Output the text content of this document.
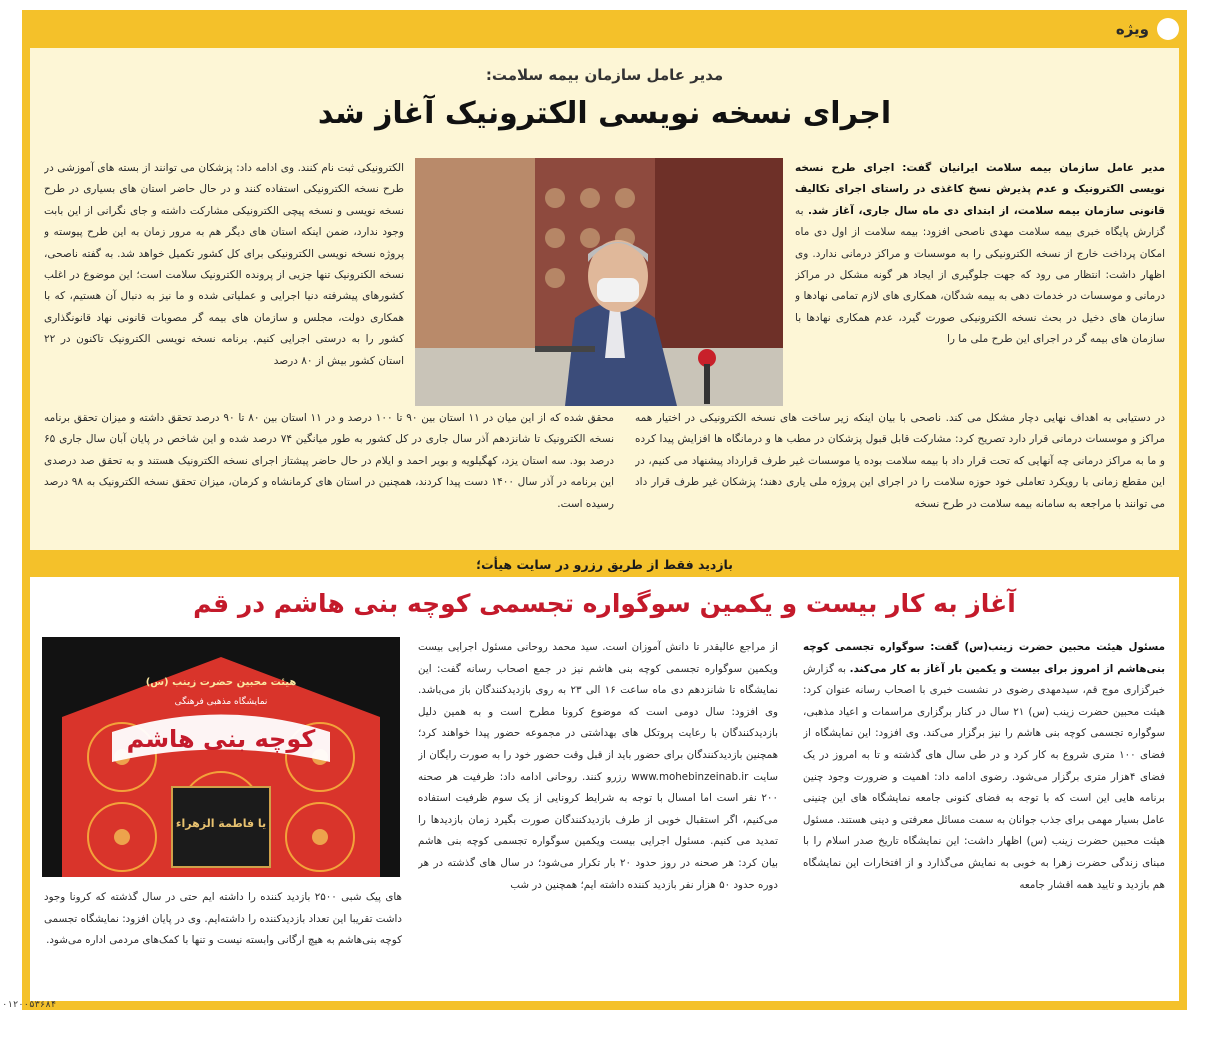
ویژه
مدیر عامل سازمان بیمه سلامت:
اجرای نسخه نویسی الکترونیک آغاز شد
مدیر عامل سازمان بیمه سلامت ایرانیان گفت: اجرای طرح نسخه نویسی الکترونیک و عدم پذیرش نسخ کاغذی در راستای اجرای تکالیف قانونی سازمان بیمه سلامت، از ابتدای دی ماه سال جاری، آغاز شد. به گزارش پایگاه خبری بیمه سلامت مهدی ناصحی افزود: بیمه سلامت از اول دی ماه امکان پرداخت خارج از نسخه الکترونیکی را به موسسات و مراکز درمانی ندارد. وی اظهار داشت: انتظار می رود که جهت جلوگیری از ایجاد هر گونه مشکل در مراکز درمانی و موسسات در خدمات دهی به بیمه شدگان، همکاری های لازم تمامی نهادها و سازمان های دخیل در بحث نسخه الکترونیکی صورت گیرد، عدم همکاری نهادها با سازمان های بیمه گر در اجرای این طرح ملی ما را
الکترونیکی ثبت نام کنند. وی ادامه داد: پزشکان می توانند از بسته های آموزشی در طرح نسخه الکترونیکی استفاده کنند و در حال حاضر استان های بسیاری در طرح نسخه نویسی و نسخه پیچی الکترونیکی مشارکت داشته و جای نگرانی از این بابت وجود ندارد، ضمن اینکه استان های دیگر هم به مرور زمان به این طرح پیوسته و پروژه نسخه نویسی الکترونیکی برای کل کشور تکمیل خواهد شد. به گفته ناصحی، نسخه الکترونیک تنها جزیی از پرونده الکترونیک سلامت است؛ این موضوع در اغلب کشورهای پیشرفته دنیا اجرایی و عملیاتی شده و ما نیز به دنبال آن هستیم، که با همکاری دولت، مجلس و سازمان های بیمه گر مصوبات قانونی نهاد قانونگذاری کشور را به درستی اجرایی کنیم. برنامه نسخه نویسی الکترونیک تاکنون در ۲۲ استان کشور بیش از ۸۰ درصد
در دستیابی به اهداف نهایی دچار مشکل می کند. ناصحی با بیان اینکه زیر ساخت های نسخه الکترونیکی در اختیار همه مراکز و موسسات درمانی قرار دارد تصریح کرد: مشارکت قابل قبول پزشکان در مطب ها و درمانگاه ها افزایش پیدا کرده و ما به مراکز درمانی چه آنهایی که تحت قرار داد با بیمه سلامت بوده یا موسسات غیر طرف قرارداد پیشنهاد می کنیم، در این مقطع زمانی با رویکرد تعاملی خود حوزه سلامت را در اجرای این پروژه ملی یاری دهند؛ پزشکان غیر طرف قرار داد می توانند با مراجعه به سامانه بیمه سلامت در طرح نسخه
محقق شده که از این میان در ۱۱ استان بین ۹۰ تا ۱۰۰ درصد و در ۱۱ استان بین ۸۰ تا ۹۰ درصد تحقق داشته و میزان تحقق برنامه نسخه الکترونیک تا شانزدهم آذر سال جاری در کل کشور به طور میانگین ۷۴ درصد شده و این شاخص در پایان آبان سال جاری ۶۵ درصد بود. سه استان یزد، کهگیلویه و بویر احمد و ایلام در حال حاضر پیشتاز اجرای نسخه الکترونیک هستند و به تحقق صد درصدی این برنامه در آذر سال ۱۴۰۰ دست پیدا کردند، همچنین در استان های کرمانشاه و کرمان، میزان تحقق نسخه الکترونیک به ۹۸ درصد رسیده است.
بازدید فقط از طریق رزرو در سایت هیأت؛
آغاز به کار بیست و یکمین سوگواره تجسمی کوچه بنی هاشم در قم
مسئول هیئت محبین حضرت زینب(س) گفت: سوگواره تجسمی کوچه بنی‌هاشم از امروز برای بیست و یکمین بار آغاز به کار می‌کند. به گزارش خبرگزاری موج قم، سیدمهدی رضوی در نشست خبری با اصحاب رسانه عنوان کرد: هیئت محبین حضرت زینب (س) ۲۱ سال در کنار برگزاری مراسمات و اعیاد مذهبی، سوگواره تجسمی کوچه بنی هاشم را نیز برگزار می‌کند. وی افزود: این نمایشگاه از فضای ۱۰۰ متری شروع به کار کرد و در طی سال های گذشته و تا به امروز در یک فضای ۴هزار متری برگزار می‌شود. رضوی ادامه داد: اهمیت و ضرورت وجود چنین برنامه هایی این است که با توجه به فضای کنونی جامعه نمایشگاه های این چنینی عامل بسیار مهمی برای جذب جوانان به سمت مسائل معرفتی و دینی هستند. مسئول هیئت محبین حضرت زینب (س) اظهار داشت: این نمایشگاه تاریخ صدر اسلام را با مبنای زندگی حضرت زهرا به خوبی به نمایش می‌گذارد و از افتخارات این نمایشگاه هم بازدید و تایید همه اقشار جامعه
از مراجع عالیقدر تا دانش آموزان است. سید محمد روحانی مسئول اجرایی بیست ویکمین سوگواره تجسمی کوچه بنی هاشم نیز در جمع اصحاب رسانه گفت: این نمایشگاه تا شانزدهم دی ماه ساعت ۱۶ الی ۲۳ به روی بازدیدکنندگان باز می‌باشد. وی افزود: سال دومی است که موضوع کرونا مطرح است و به همین دلیل بازدیدکنندگان با رعایت پروتکل های بهداشتی در مجموعه حضور پیدا خواهند کرد؛ همچنین بازدیدکنندگان برای حضور باید از قبل وقت حضور خود را به صورت رایگان از سایت www.mohebinzeinab.ir رزرو کنند. روحانی ادامه داد: ظرفیت هر صحنه ۲۰۰ نفر است اما امسال با توجه به شرایط کرونایی از یک سوم ظرفیت استفاده می‌کنیم، اگر استقبال خوبی از طرف بازدیدکنندگان صورت بگیرد زمان بازدیدها را تمدید می کنیم. مسئول اجرایی بیست ویکمین سوگواره تجسمی کوچه بنی هاشم بیان کرد: هر صحنه در روز حدود ۲۰ بار تکرار می‌شود؛ در سال های گذشته در هر دوره حدود ۵۰ هزار نفر بازدید کننده داشته ایم؛ همچنین در شب
هیئت محبین حضرت زینب (س)
نمایشگاه مذهبی فرهنگی
کوچه بنی هاشم
یا فاطمة الزهراء
های پیک شبی ۲۵۰۰ بازدید کننده را داشته ایم حتی در سال گذشته که کرونا وجود داشت تقریبا این تعداد بازدیدکننده را داشته‌ایم. وی در پایان افزود: نمایشگاه تجسمی کوچه بنی‌هاشم به هیچ ارگانی وابسته نیست و تنها با کمک‌های مردمی اداره می‌شود.
۰۱۲۰۰۵۳۶۸۴
